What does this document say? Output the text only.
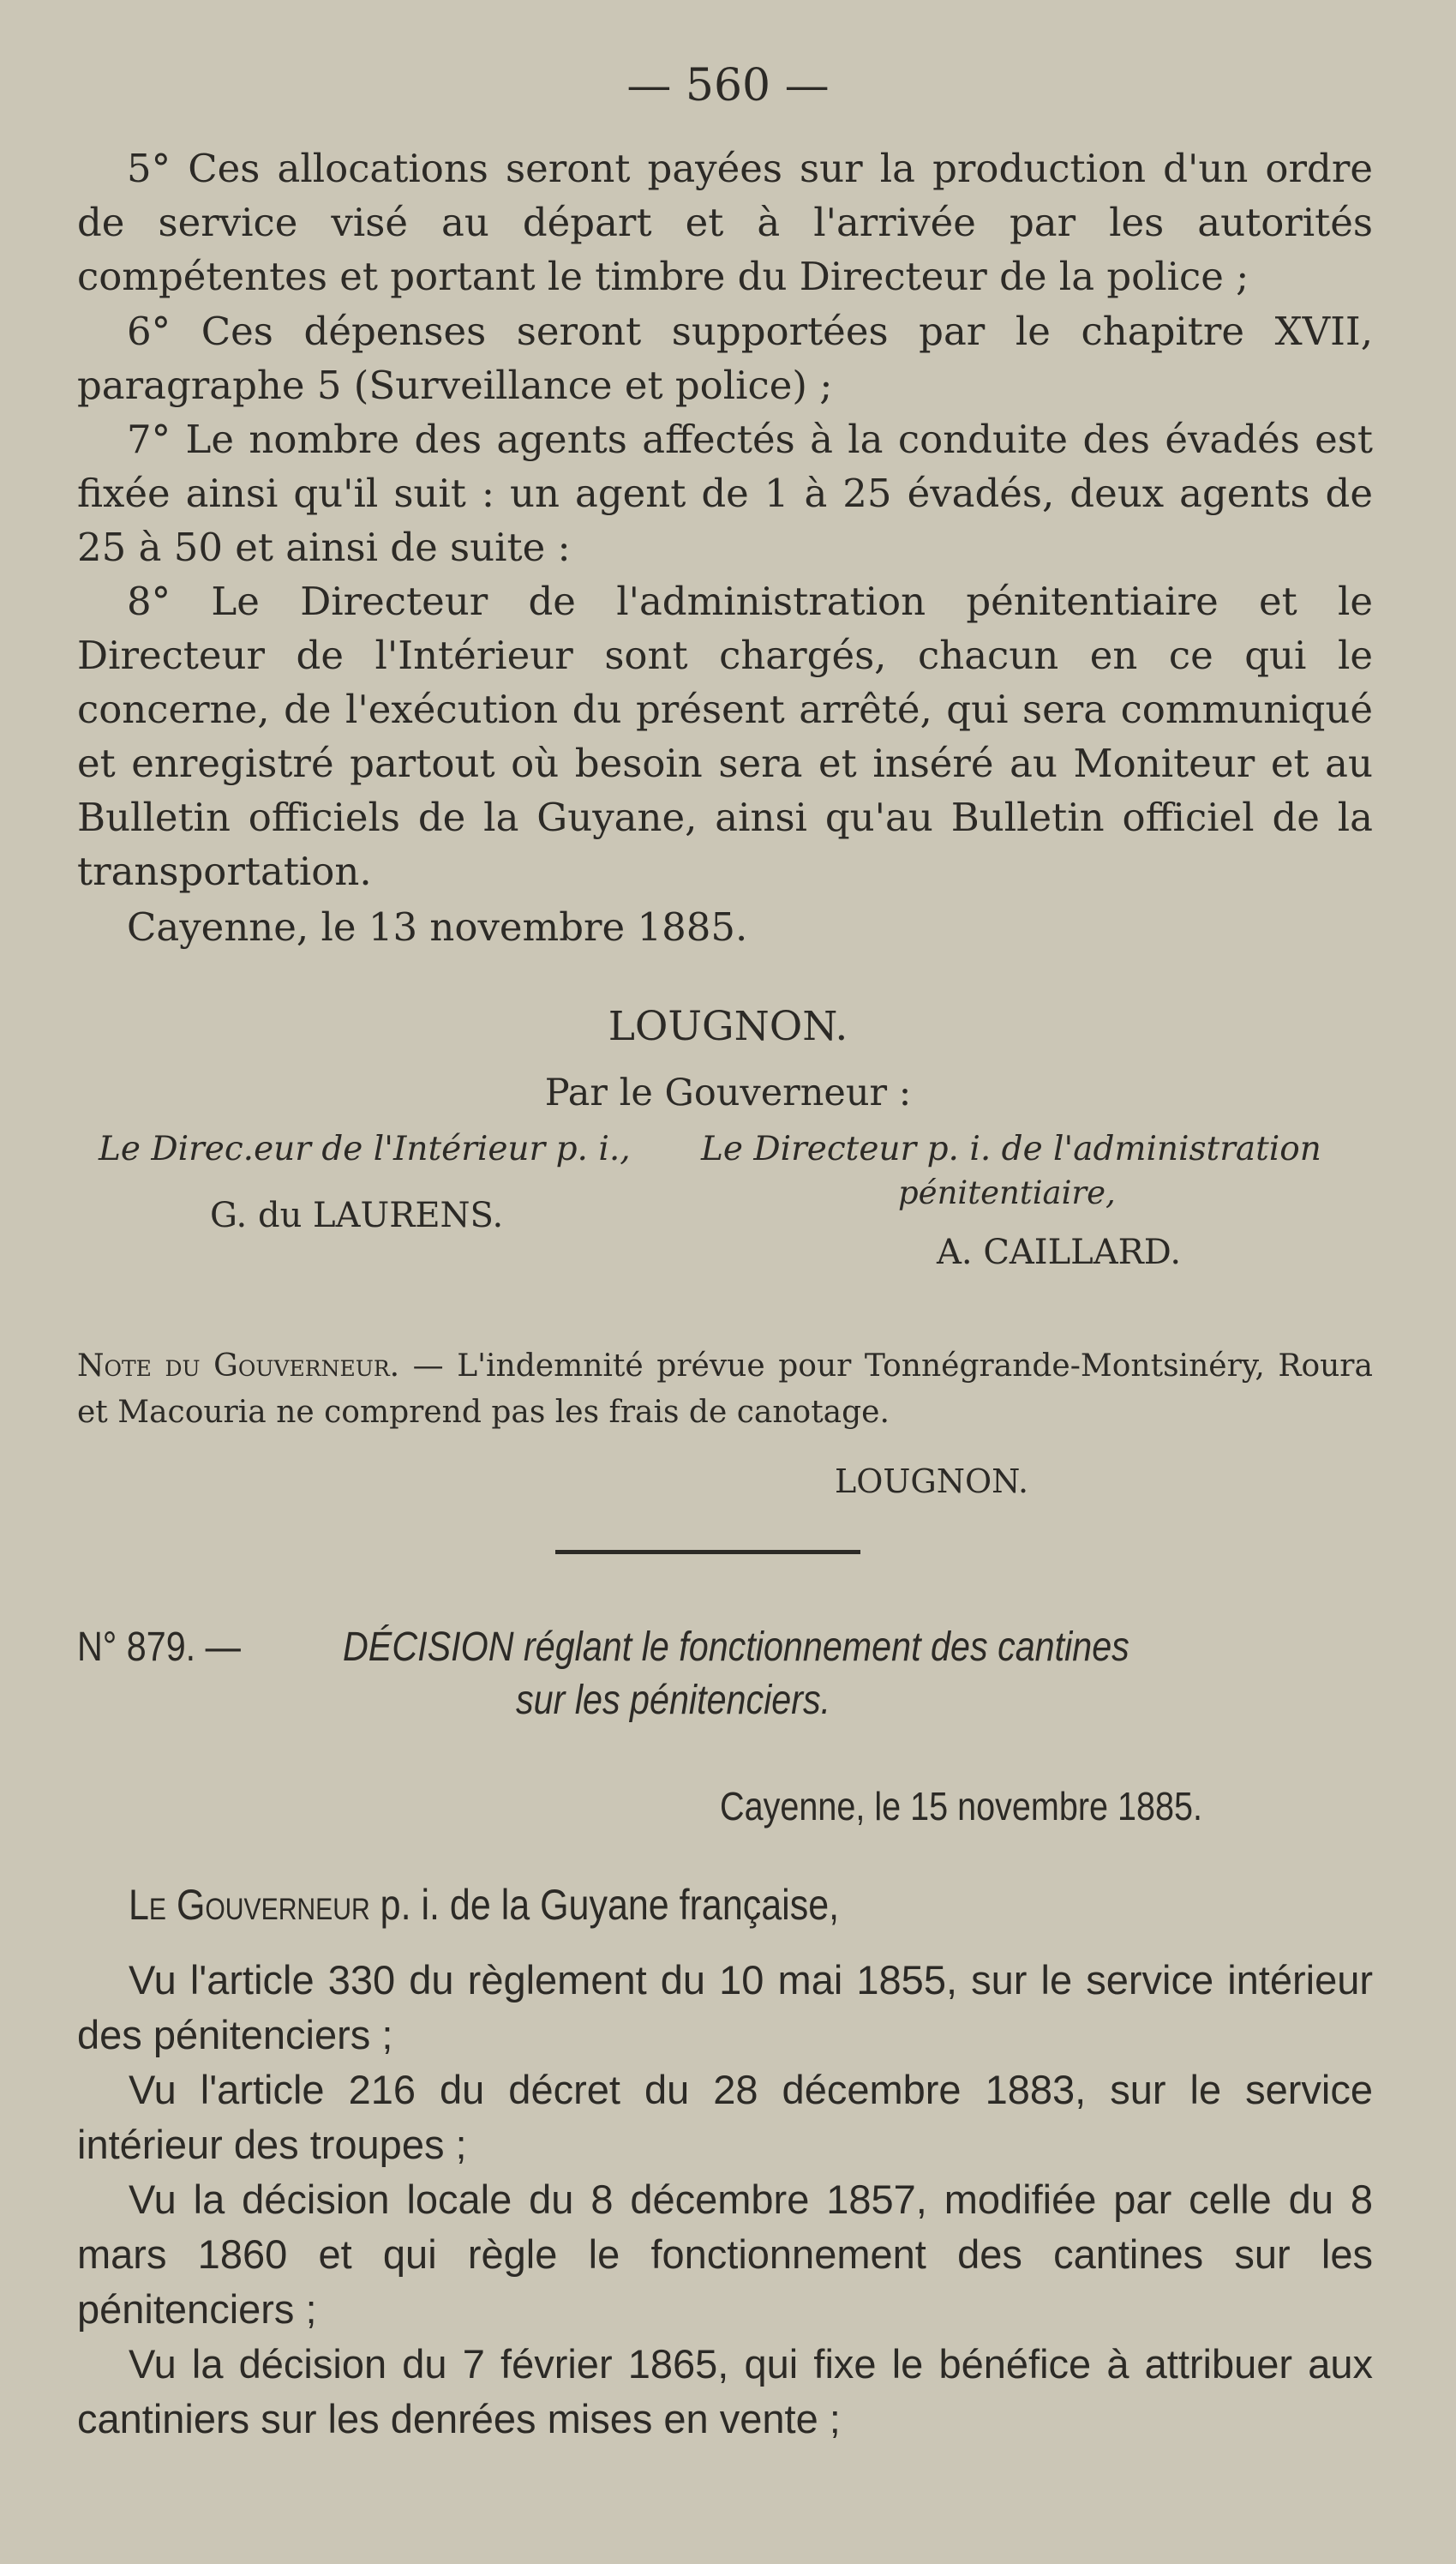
— 560 —

5° Ces allocations seront payées sur la production d'un ordre de service visé au départ et à l'arrivée par les autorités compétentes et portant le timbre du Directeur de la police ;

6° Ces dépenses seront supportées par le chapitre XVII, paragraphe 5 (Surveillance et police) ;

7° Le nombre des agents affectés à la conduite des évadés est fixée ainsi qu'il suit : un agent de 1 à 25 évadés, deux agents de 25 à 50 et ainsi de suite :

8° Le Directeur de l'administration pénitentiaire et le Directeur de l'Intérieur sont chargés, chacun en ce qui le concerne, de l'exécution du présent arrêté, qui sera communiqué et enregistré partout où besoin sera et inséré au Moniteur et au Bulletin officiels de la Guyane, ainsi qu'au Bulletin officiel de la transportation.

Cayenne, le 13 novembre 1885.

LOUGNON.

Par le Gouverneur :

Le Direc.eur de l'Intérieur p. i.,

G. du LAURENS.

Le Directeur p. i. de l'administration

pénitentiaire,

A. CAILLARD.

Note du Gouverneur. — L'indemnité prévue pour Tonnégrande-Montsinéry, Roura et Macouria ne comprend pas les frais de canotage.

LOUGNON.

N° 879. — DÉCISION réglant le fonctionnement des cantines

sur les pénitenciers.

Cayenne, le 15 novembre 1885.

Le Gouverneur p. i. de la Guyane française,

Vu l'article 330 du règlement du 10 mai 1855, sur le service intérieur des pénitenciers ;

Vu l'article 216 du décret du 28 décembre 1883, sur le service intérieur des troupes ;

Vu la décision locale du 8 décembre 1857, modifiée par celle du 8 mars 1860 et qui règle le fonctionnement des cantines sur les pénitenciers ;

Vu la décision du 7 février 1865, qui fixe le bénéfice à attribuer aux cantiniers sur les denrées mises en vente ;
